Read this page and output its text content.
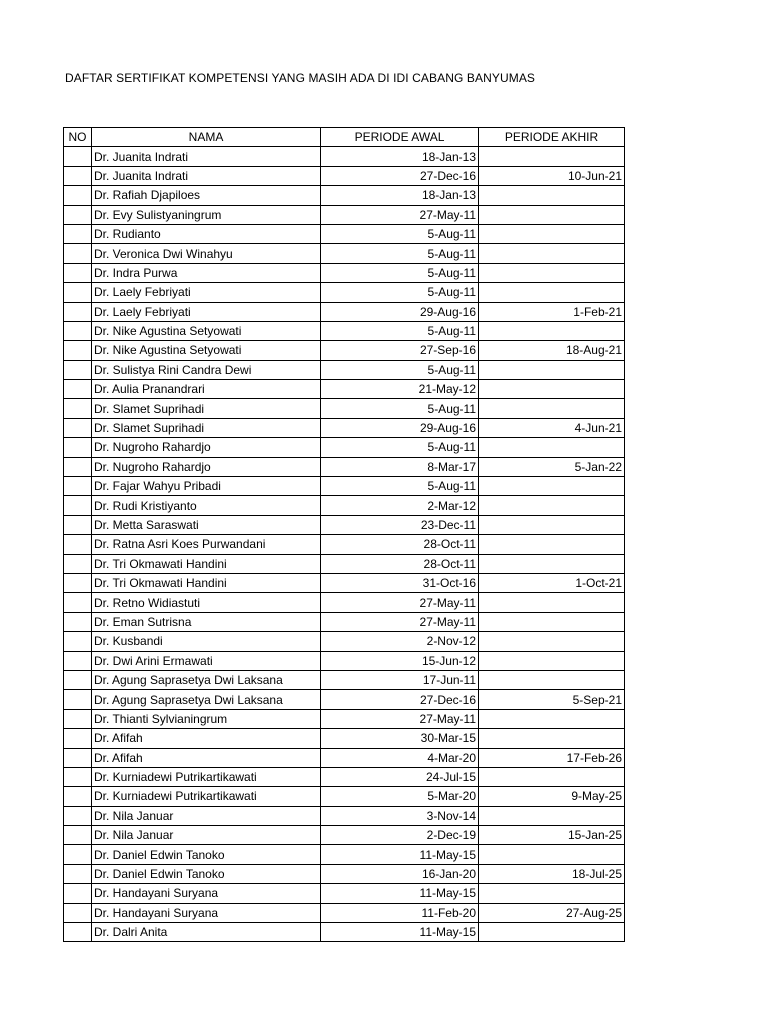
DAFTAR SERTIFIKAT KOMPETENSI YANG MASIH ADA DI IDI CABANG BANYUMAS
NO	NAMA	PERIODE AWAL	PERIODE AKHIR
	Dr. Juanita Indrati	18-Jan-13	
	Dr. Juanita Indrati	27-Dec-16	10-Jun-21
	Dr. Rafiah Djapiloes	18-Jan-13	
	Dr. Evy Sulistyaningrum	27-May-11	
	Dr. Rudianto	5-Aug-11	
	Dr. Veronica Dwi Winahyu	5-Aug-11	
	Dr. Indra Purwa	5-Aug-11	
	Dr. Laely Febriyati	5-Aug-11	
	Dr. Laely Febriyati	29-Aug-16	1-Feb-21
	Dr. Nike Agustina Setyowati	5-Aug-11	
	Dr. Nike Agustina Setyowati	27-Sep-16	18-Aug-21
	Dr. Sulistya Rini Candra Dewi	5-Aug-11	
	Dr. Aulia Pranandrari	21-May-12	
	Dr. Slamet Suprihadi	5-Aug-11	
	Dr. Slamet Suprihadi	29-Aug-16	4-Jun-21
	Dr. Nugroho Rahardjo	5-Aug-11	
	Dr. Nugroho Rahardjo	8-Mar-17	5-Jan-22
	Dr. Fajar Wahyu Pribadi	5-Aug-11	
	Dr. Rudi Kristiyanto	2-Mar-12	
	Dr. Metta Saraswati	23-Dec-11	
	Dr. Ratna Asri Koes Purwandani	28-Oct-11	
	Dr. Tri Okmawati Handini	28-Oct-11	
	Dr. Tri Okmawati Handini	31-Oct-16	1-Oct-21
	Dr. Retno Widiastuti	27-May-11	
	Dr. Eman Sutrisna	27-May-11	
	Dr. Kusbandi	2-Nov-12	
	Dr. Dwi Arini Ermawati	15-Jun-12	
	Dr. Agung Saprasetya Dwi Laksana	17-Jun-11	
	Dr. Agung Saprasetya Dwi Laksana	27-Dec-16	5-Sep-21
	Dr. Thianti Sylvianingrum	27-May-11	
	Dr. Afifah	30-Mar-15	
	Dr. Afifah	4-Mar-20	17-Feb-26
	Dr. Kurniadewi Putrikartikawati	24-Jul-15	
	Dr. Kurniadewi Putrikartikawati	5-Mar-20	9-May-25
	Dr. Nila Januar	3-Nov-14	
	Dr. Nila Januar	2-Dec-19	15-Jan-25
	Dr. Daniel Edwin Tanoko	11-May-15	
	Dr. Daniel Edwin Tanoko	16-Jan-20	18-Jul-25
	Dr. Handayani Suryana	11-May-15	
	Dr. Handayani Suryana	11-Feb-20	27-Aug-25
	Dr. Dalri Anita	11-May-15	
